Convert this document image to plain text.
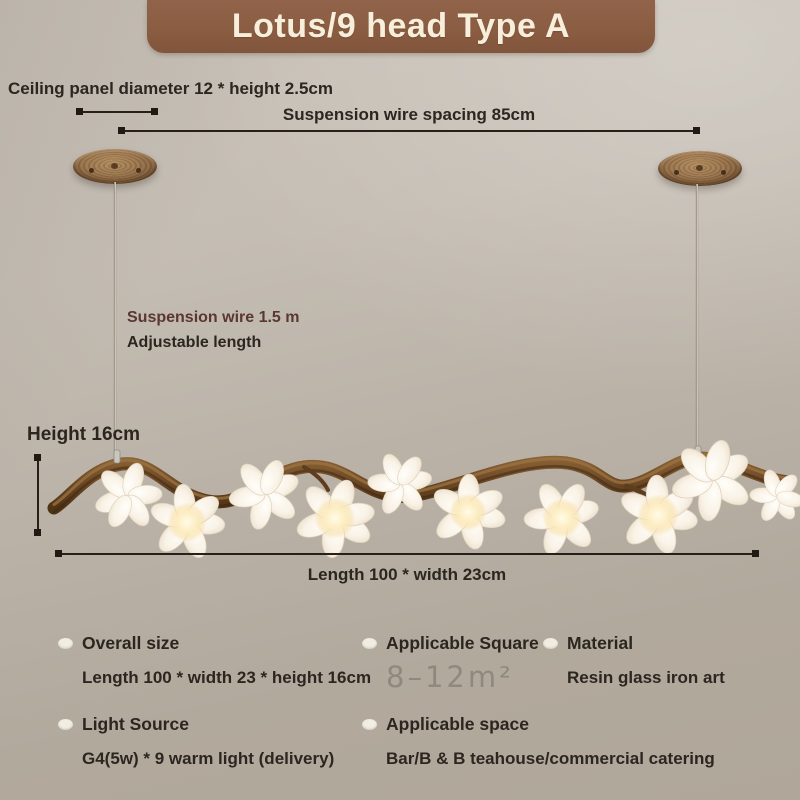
Lotus/9 head Type A
Ceiling panel diameter 12 * height 2.5cm
Suspension wire spacing 85cm
Suspension wire 1.5 m
Adjustable length
Height 16cm
Length 100 * width 23cm
Overall size
Length 100 * width 23 * height 16cm
Applicable Square
8–12m²
Material
Resin glass iron art
Light Source
G4(5w) * 9 warm light (delivery)
Applicable space
Bar/B & B teahouse/commercial catering
